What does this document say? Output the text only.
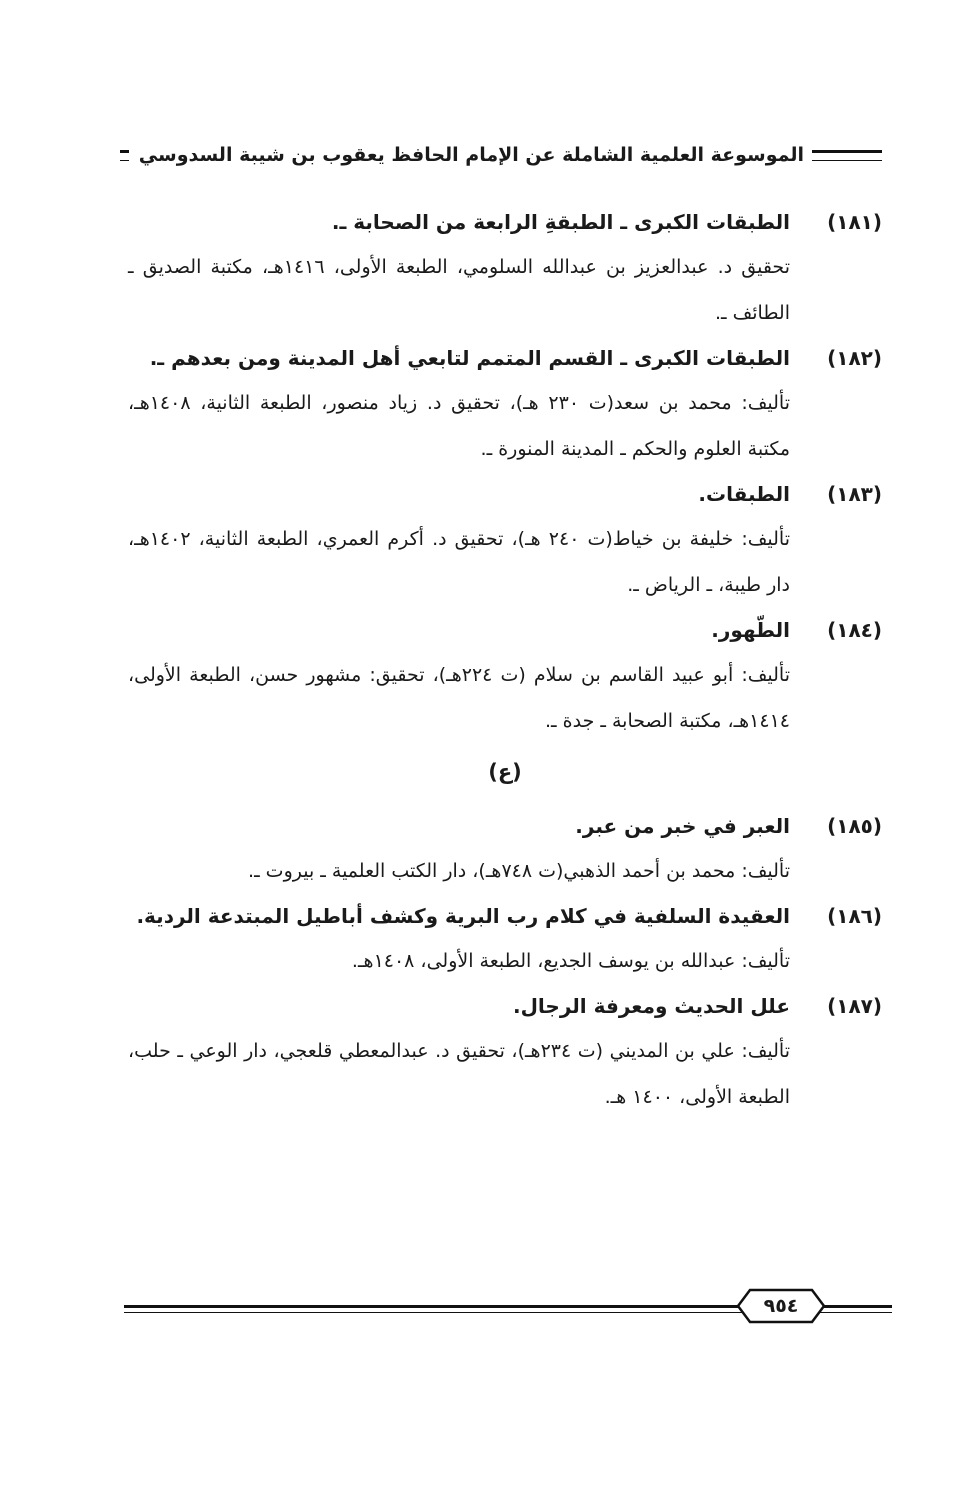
الموسوعة العلمية الشاملة عن الإمام الحافظ يعقوب بن شيبة السدوسي
(١٨١)
الطبقات الكبرى ـ الطبقةِ الرابعة من الصحابة ـ.
تحقيق د. عبدالعزيز بن عبدالله السلومي، الطبعة الأولى، ١٤١٦هـ، مكتبة الصديق ـ الطائف ـ.
(١٨٢)
الطبقات الكبرى ـ القسم المتمم لتابعي أهل المدينة ومن بعدهم ـ.
تأليف: محمد بن سعد(ت ٢٣٠ هـ)، تحقيق د. زياد منصور، الطبعة الثانية، ١٤٠٨هـ، مكتبة العلوم والحكم ـ المدينة المنورة ـ.
(١٨٣)
الطبقات.
تأليف: خليفة بن خياط(ت ٢٤٠ هـ)، تحقيق د. أكرم العمري، الطبعة الثانية، ١٤٠٢هـ، دار طيبة، ـ الرياض ـ.
(١٨٤)
الطّهور.
تأليف: أبو عبيد القاسم بن سلام (ت ٢٢٤هـ)، تحقيق: مشهور حسن، الطبعة الأولى، ١٤١٤هـ، مكتبة الصحابة ـ جدة ـ.
(ع)
(١٨٥)
العبر في خبر من عبر.
تأليف: محمد بن أحمد الذهبي(ت ٧٤٨هـ)، دار الكتب العلمية ـ بيروت ـ.
(١٨٦)
العقيدة السلفية في كلام رب البرية وكشف أباطيل المبتدعة الردية.
تأليف: عبدالله بن يوسف الجديع، الطبعة الأولى، ١٤٠٨هـ.
(١٨٧)
علل الحديث ومعرفة الرجال.
تأليف: علي بن المديني (ت ٢٣٤هـ)، تحقيق د. عبدالمعطي قلعجي، دار الوعي ـ حلب، الطبعة الأولى، ١٤٠٠ هـ.
٩٥٤
